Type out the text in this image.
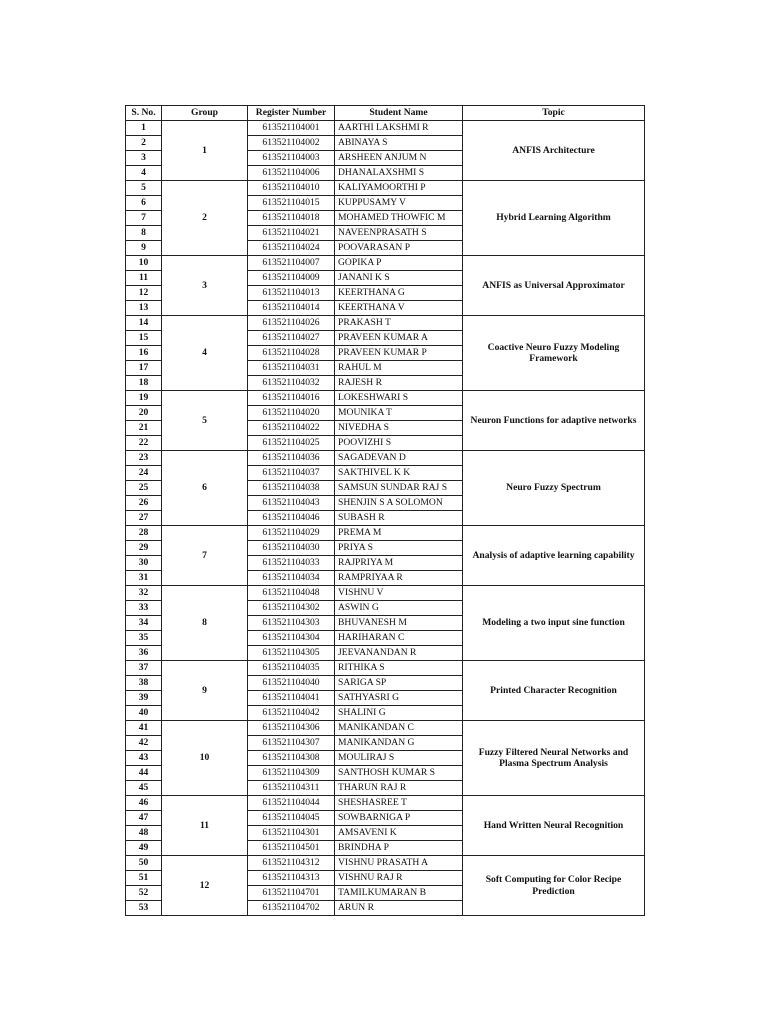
S. No.	Group	Register Number	Student Name	Topic
1	1	613521104001	AARTHI LAKSHMI R	ANFIS Architecture
2		613521104002	ABINAYA S	
3		613521104003	ARSHEEN ANJUM N	
4		613521104006	DHANALAXSHMI S	
5	2	613521104010	KALIYAMOORTHI P	Hybrid Learning Algorithm
6		613521104015	KUPPUSAMY V	
7		613521104018	MOHAMED THOWFIC M	
8		613521104021	NAVEENPRASATH S	
9		613521104024	POOVARASAN P	
10	3	613521104007	GOPIKA P	ANFIS as Universal Approximator
11		613521104009	JANANI K S	
12		613521104013	KEERTHANA G	
13		613521104014	KEERTHANA V	
14	4	613521104026	PRAKASH T	Coactive Neuro Fuzzy Modeling Framework
15		613521104027	PRAVEEN KUMAR A	
16		613521104028	PRAVEEN KUMAR P	
17		613521104031	RAHUL M	
18		613521104032	RAJESH R	
19	5	613521104016	LOKESHWARI S	Neuron Functions for adaptive networks
20		613521104020	MOUNIKA T	
21		613521104022	NIVEDHA S	
22		613521104025	POOVIZHI S	
23	6	613521104036	SAGADEVAN D	Neuro Fuzzy Spectrum
24		613521104037	SAKTHIVEL K K	
25		613521104038	SAMSUN SUNDAR RAJ S	
26		613521104043	SHENJIN S A SOLOMON	
27		613521104046	SUBASH R	
28	7	613521104029	PREMA M	Analysis of adaptive learning capability
29		613521104030	PRIYA S	
30		613521104033	RAJPRIYA M	
31		613521104034	RAMPRIYAA R	
32	8	613521104048	VISHNU V	Modeling a two input sine function
33		613521104302	ASWIN G	
34		613521104303	BHUVANESH M	
35		613521104304	HARIHARAN C	
36		613521104305	JEEVANANDAN R	
37	9	613521104035	RITHIKA S	Printed Character Recognition
38		613521104040	SARIGA SP	
39		613521104041	SATHYASRI G	
40		613521104042	SHALINI G	
41	10	613521104306	MANIKANDAN C	Fuzzy Filtered Neural Networks and Plasma Spectrum Analysis
42		613521104307	MANIKANDAN G	
43		613521104308	MOULIRAJ S	
44		613521104309	SANTHOSH KUMAR S	
45		613521104311	THARUN RAJ R	
46	11	613521104044	SHESHASREE T	Hand Written Neural Recognition
47		613521104045	SOWBARNIGA P	
48		613521104301	AMSAVENI K	
49		613521104501	BRINDHA P	
50	12	613521104312	VISHNU PRASATH A	Soft Computing for Color Recipe Prediction
51		613521104313	VISHNU RAJ R	
52		613521104701	TAMILKUMARAN B	
53		613521104702	ARUN R	
